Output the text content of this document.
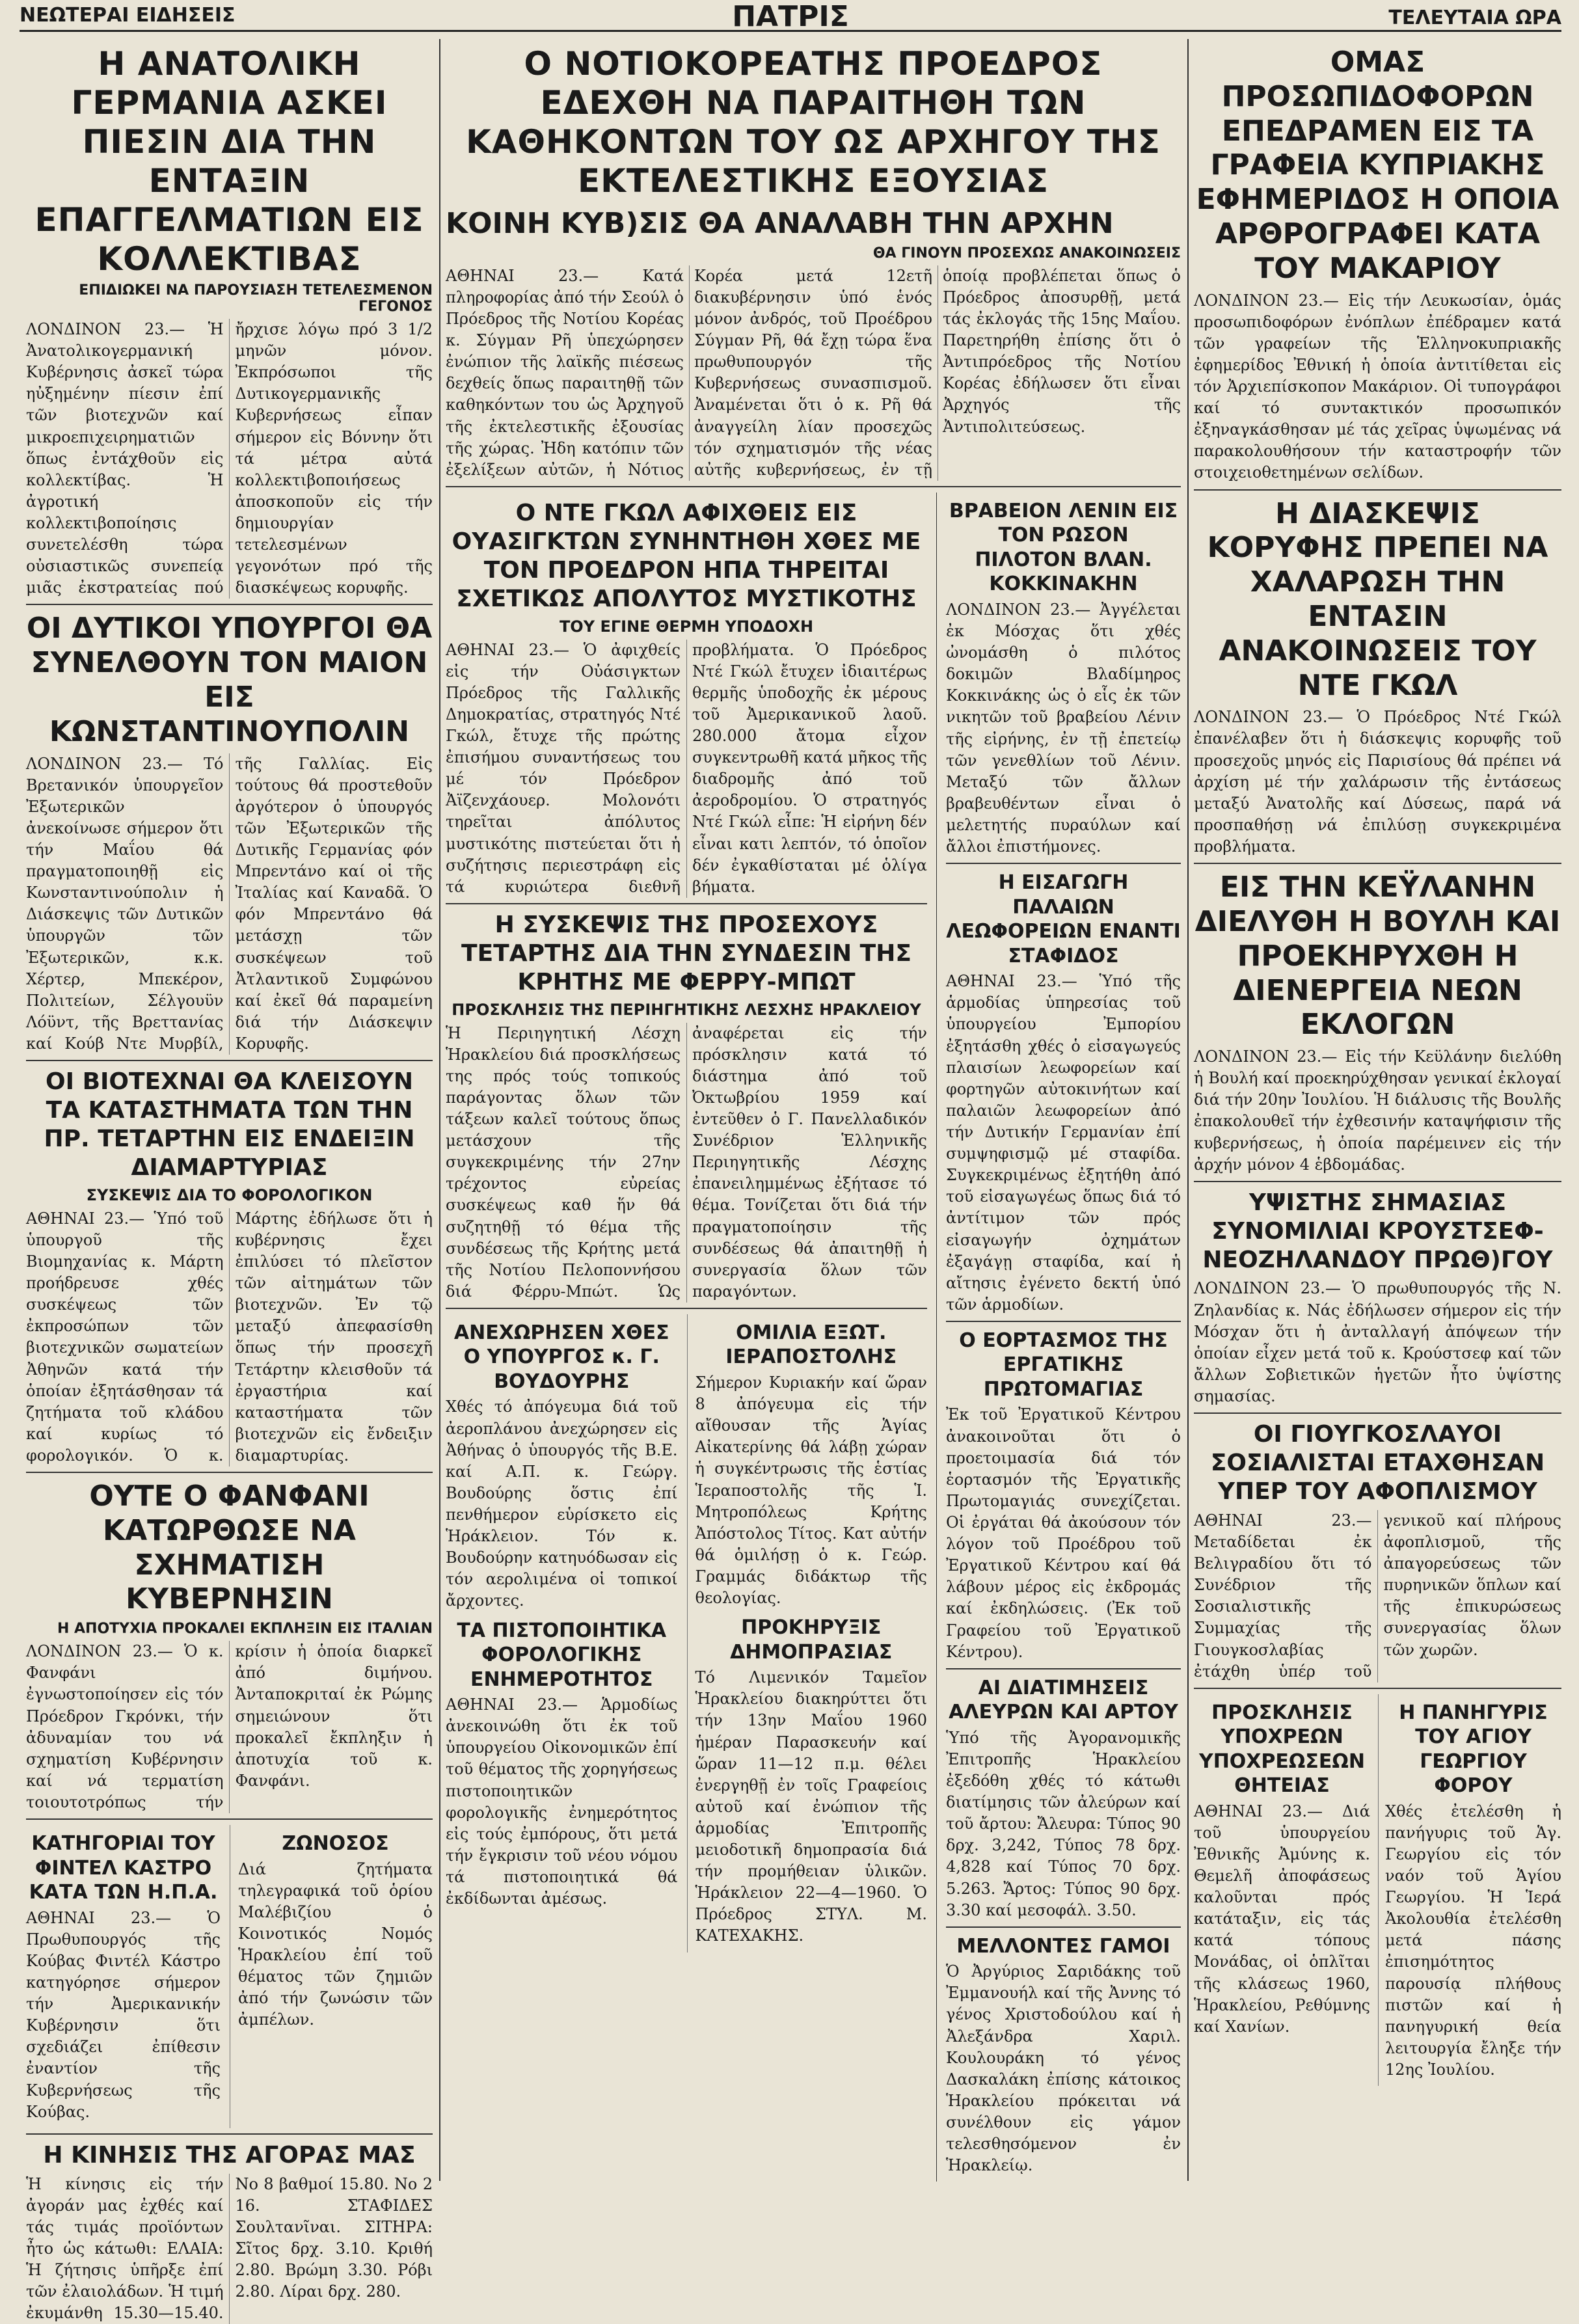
ΝΕΩΤΕΡΑΙ ΕΙΔΗΣΕΙΣ	ΠΑΤΡΙΣ	ΤΕΛΕΥΤΑΙΑ ΩΡΑ
Η ΑΝΑΤΟΛΙΚΗ ΓΕΡΜΑΝΙΑ ΑΣΚΕΙ ΠΙΕΣΙΝ ΔΙΑ ΤΗΝ ΕΝΤΑΞΙΝ ΕΠΑΓΓΕΛΜΑΤΙΩΝ ΕΙΣ ΚΟΛΛΕΚΤΙΒΑΣ
ΕΠΙΔΙΩΚΕΙ ΝΑ ΠΑΡΟΥΣΙΑΣΗ ΤΕΤΕΛΕΣΜΕΝΟΝ ΓΕΓΟΝΟΣ

ΛΟΝΔΙΝΟΝ 23.— Ἡ Ἀνατολικογερμανική Κυβέρνησις ἀσκεῖ τώρα ηὐξημένην πίεσιν ἐπί τῶν βιοτεχνῶν καί μικροεπιχειρηματιῶν ὅπως ἐντάχθοῦν εἰς κολλεκτίβας. Ἡ ἀγροτική κολλεκτιβοποίησις συνετελέσθη τώρα οὐσιαστικῶς συνεπείᾳ μιᾶς ἐκστρατείας πού ἤρχισε λόγω πρό 3 1/2 μηνῶν μόνον. Ἐκπρόσωποι τῆς Δυτικογερμανικῆς Κυβερνήσεως εἶπαν σήμερον εἰς Βόννην ὅτι τά μέτρα αὐτά κολλεκτιβοποιήσεως ἀποσκοποῦν εἰς τήν δημιουργίαν τετελεσμένων γεγονότων πρό τῆς διασκέψεως κορυφῆς.

ΟΙ ΔΥΤΙΚΟΙ ΥΠΟΥΡΓΟΙ ΘΑ ΣΥΝΕΛΘΟΥΝ ΤΟΝ ΜΑΙΟΝ ΕΙΣ ΚΩΝΣΤΑΝΤΙΝΟΥΠΟΛΙΝ

ΛΟΝΔΙΝΟΝ 23.— Τό Βρετανικόν ὑπουργεῖον Ἐξωτερικῶν ἀνεκοίνωσε σήμερον ὅτι τήν Μαΐου θά πραγματοποιηθῇ εἰς Κωνσταντινούπολιν ἡ Διάσκεψις τῶν Δυτικῶν ὑπουργῶν τῶν Ἐξωτερικῶν, κ.κ. Χέρτερ, Μπεκέρον, Πολιτείων, Σέλγουϋν Λόϋντ, τῆς Βρεττανίας καί Κούβ Ντε Μυρβίλ, τῆς Γαλλίας. Εἰς τούτους θά προστεθοῦν ἀργότερον ὁ ὑπουργός τῶν Ἐξωτερικῶν τῆς Δυτικῆς Γερμανίας φόν Μπρεντάνο καί οἱ τῆς Ἰταλίας καί Καναδᾶ. Ὁ φόν Μπρεντάνο θά μετάσχῃ τῶν συσκέψεων τοῦ Ἀτλαντικοῦ Συμφώνου καί ἐκεῖ θά παραμείνη διά τήν Διάσκεψιν Κορυφῆς.

ΟΙ ΒΙΟΤΕΧΝΑΙ ΘΑ ΚΛΕΙΣΟΥΝ ΤΑ ΚΑΤΑΣΤΗΜΑΤΑ ΤΩΝ ΤΗΝ ΠΡ. ΤΕΤΑΡΤΗΝ ΕΙΣ ΕΝΔΕΙΞΙΝ ΔΙΑΜΑΡΤΥΡΙΑΣ
ΣΥΣΚΕΨΙΣ ΔΙΑ ΤΟ ΦΟΡΟΛΟΓΙΚΟΝ

ΑΘΗΝΑΙ 23.— Ὑπό τοῦ ὑπουργοῦ τῆς Βιομηχανίας κ. Μάρτη προήδρευσε χθές συσκέψεως τῶν ἐκπροσώπων τῶν βιοτεχνικῶν σωματείων Ἀθηνῶν κατά τήν ὁποίαν ἐξητάσθησαν τά ζητήματα τοῦ κλάδου καί κυρίως τό φορολογικόν. Ὁ κ. Μάρτης ἐδήλωσε ὅτι ἡ κυβέρνησις ἔχει ἐπιλύσει τό πλεῖστον τῶν αἰτημάτων τῶν βιοτεχνῶν. Ἐν τῷ μεταξύ ἀπεφασίσθη ὅπως τήν προσεχῆ Τετάρτην κλεισθοῦν τά ἐργαστήρια καί καταστήματα τῶν βιοτεχνῶν εἰς ἔνδειξιν διαμαρτυρίας.

ΟΥΤΕ Ο ΦΑΝΦΑΝΙ ΚΑΤΩΡΘΩΣΕ ΝΑ ΣΧΗΜΑΤΙΣΗ ΚΥΒΕΡΝΗΣΙΝ
Η ΑΠΟΤΥΧΙΑ ΠΡΟΚΑΛΕΙ ΕΚΠΛΗΞΙΝ ΕΙΣ ΙΤΑΛΙΑΝ

ΛΟΝΔΙΝΟΝ 23.— Ὁ κ. Φανφάνι ἐγνωστοποίησεν εἰς τόν Πρόεδρον Γκρόνκι, τήν ἀδυναμίαν του νά σχηματίση Κυβέρνησιν καί νά τερματίση τοιουτοτρόπως τήν κρίσιν ἡ ὁποία διαρκεῖ ἀπό διμήνου. Ἀνταποκριταί ἐκ Ρώμης σημειώνουν ὅτι προκαλεῖ ἔκπληξιν ἡ ἀποτυχία τοῦ κ. Φανφάνι.

ΚΑΤΗΓΟΡΙΑΙ ΤΟΥ ΦΙΝΤΕΛ ΚΑΣΤΡΟ ΚΑΤΑ ΤΩΝ Η.Π.Α.

ΑΘΗΝΑΙ 23.— Ὁ Πρωθυπουργός τῆς Κούβας Φιντέλ Κάστρο κατηγόρησε σήμερον τήν Ἀμερικανικήν Κυβέρνησιν ὅτι σχεδιάζει ἐπίθεσιν ἐναντίον τῆς Κυβερνήσεως τῆς Κούβας.

ΖΩΝΟΣΟΣ

Διά ζητήματα τηλεγραφικά τοῦ ὁρίου Μαλέβιζίου ὁ Κοινοτικός Νομός Ἡρακλείου ἐπί τοῦ θέματος τῶν ζημιῶν ἀπό τήν ζωνώσιν τῶν ἀμπέλων.

Η ΚΙΝΗΣΙΣ ΤΗΣ ΑΓΟΡΑΣ ΜΑΣ

Ἡ κίνησις εἰς τήν ἀγοράν μας ἐχθές καί τάς τιμάς προϊόντων ἦτο ὡς κάτωθι: ΕΛΑΙΑ: Ἡ ζήτησις ὑπῆρξε ἐπί τῶν ἐλαιολάδων. Ἡ τιμή ἐκυμάνθη 15.30—15.40. Νο 8 βαθμοί 15.80. Νο 2 16. ΣΤΑΦΙΔΕΣ Σουλτανῖναι. ΣΙΤΗΡΑ: Σῖτος δρχ. 3.10. Κριθή 2.80. Βρώμη 3.30. Ρόβι 2.80. Λίραι δρχ. 280.

Ο ΝΟΤΙΟΚΟΡΕΑΤΗΣ ΠΡΟΕΔΡΟΣ ΕΔΕΧΘΗ ΝΑ ΠΑΡΑΙΤΗΘΗ ΤΩΝ ΚΑΘΗΚΟΝΤΩΝ ΤΟΥ ΩΣ ΑΡΧΗΓΟΥ ΤΗΣ ΕΚΤΕΛΕΣΤΙΚΗΣ ΕΞΟΥΣΙΑΣ
ΚΟΙΝΗ ΚΥΒ)ΣΙΣ ΘΑ ΑΝΑΛΑΒΗ ΤΗΝ ΑΡΧΗΝ
ΘΑ ΓΙΝΟΥΝ ΠΡΟΣΕΧΩΣ ΑΝΑΚΟΙΝΩΣΕΙΣ

ΑΘΗΝΑΙ 23.— Κατά πληροφορίας ἀπό τήν Σεούλ ὁ Πρόεδρος τῆς Νοτίου Κορέας κ. Σύγμαν Ρῆ ὑπεχώρησεν ἐνώπιον τῆς λαϊκῆς πιέσεως δεχθείς ὅπως παραιτηθῇ τῶν καθηκόντων του ὡς Ἀρχηγοῦ τῆς ἐκτελεστικῆς ἐξουσίας τῆς χώρας. Ἠδη κατόπιν τῶν ἐξελίξεων αὐτῶν, ἡ Νότιος Κορέα μετά 12ετῆ διακυβέρνησιν ὑπό ἑνός μόνον ἀνδρός, τοῦ Προέδρου Σύγμαν Ρῆ, θά ἔχῃ τώρα ἕνα πρωθυπουργόν τῆς Κυβερνήσεως συνασπισμοῦ. Ἀναμένεται ὅτι ὁ κ. Ρῆ θά ἀναγγείλη λίαν προσεχῶς τόν σχηματισμόν τῆς νέας αὐτῆς κυβερνήσεως, ἐν τῇ ὁποίᾳ προβλέπεται ὅπως ὁ Πρόεδρος ἀποσυρθῇ, μετά τάς ἐκλογάς τῆς 15ης Μαΐου. Παρετηρήθη ἐπίσης ὅτι ὁ Ἀντιπρόεδρος τῆς Νοτίου Κορέας ἐδήλωσεν ὅτι εἶναι Ἀρχηγός τῆς Ἀντιπολιτεύσεως.

Ο ΝΤΕ ΓΚΩΛ ΑΦΙΧΘΕΙΣ ΕΙΣ ΟΥΑΣΙΓΚΤΩΝ ΣΥΝΗΝΤΗΘΗ ΧΘΕΣ ΜΕ ΤΟΝ ΠΡΟΕΔΡΟΝ ΗΠΑ ΤΗΡΕΙΤΑΙ ΣΧΕΤΙΚΩΣ ΑΠΟΛΥΤΟΣ ΜΥΣΤΙΚΟΤΗΣ
ΤΟΥ ΕΓΙΝΕ ΘΕΡΜΗ ΥΠΟΔΟΧΗ

ΑΘΗΝΑΙ 23.— Ὁ ἀφιχθείς εἰς τήν Οὐάσιγκτων Πρόεδρος τῆς Γαλλικῆς Δημοκρατίας, στρατηγός Ντέ Γκώλ, ἔτυχε τῆς πρώτης ἐπισήμου συναντήσεως του μέ τόν Πρόεδρον Ἀϊζενχάουερ. Μολονότι τηρεῖται ἀπόλυτος μυστικότης πιστεύεται ὅτι ἡ συζήτησις περιεστράφη εἰς τά κυριώτερα διεθνῆ προβλήματα. Ὁ Πρόεδρος Ντέ Γκώλ ἔτυχεν ἰδιαιτέρως θερμῆς ὑποδοχῆς ἐκ μέρους τοῦ Ἀμερικανικοῦ λαοῦ. 280.000 ἄτομα εἶχον συγκεντρωθῆ κατά μῆκος τῆς διαδρομῆς ἀπό τοῦ ἀεροδρομίου. Ὁ στρατηγός Ντέ Γκώλ εἶπε: Ἡ εἰρήνη δέν εἶναι κατι λεπτόν, τό ὁποῖον δέν ἐγκαθίσταται μέ ὁλίγα βήματα.

Η ΣΥΣΚΕΨΙΣ ΤΗΣ ΠΡΟΣΕΧΟΥΣ ΤΕΤΑΡΤΗΣ ΔΙΑ ΤΗΝ ΣΥΝΔΕΣΙΝ ΤΗΣ ΚΡΗΤΗΣ ΜΕ ΦΕΡΡΥ-ΜΠΩΤ
ΠΡΟΣΚΛΗΣΙΣ ΤΗΣ ΠΕΡΙΗΓΗΤΙΚΗΣ ΛΕΣΧΗΣ ΗΡΑΚΛΕΙΟΥ

Ἡ Περιηγητική Λέσχη Ἡρακλείου διά προσκλήσεως της πρός τούς τοπικούς παράγοντας ὅλων τῶν τάξεων καλεῖ τούτους ὅπως μετάσχουν τῆς συγκεκριμένης τήν 27ην τρέχοντος εὐρείας συσκέψεως καθ ἥν θά συζητηθῇ τό θέμα τῆς συνδέσεως τῆς Κρήτης μετά τῆς Νοτίου Πελοποννήσου διά Φέρρυ-Μπώτ. Ὡς ἀναφέρεται εἰς τήν πρόσκλησιν κατά τό διάστημα ἀπό τοῦ Ὀκτωβρίου 1959 καί ἐντεῦθεν ὁ Γ. Πανελλαδικόν Συνέδριον Ἑλληνικῆς Περιηγητικῆς Λέσχης ἐπανειλημμένως ἐξήτασε τό θέμα. Τονίζεται ὅτι διά τήν πραγματοποίησιν τῆς συνδέσεως θά ἀπαιτηθῇ ἡ συνεργασία ὅλων τῶν παραγόντων.

ΑΝΕΧΩΡΗΣΕΝ ΧΘΕΣ Ο ΥΠΟΥΡΓΟΣ κ. Γ. ΒΟΥΔΟΥΡΗΣ

Χθές τό ἀπόγευμα διά τοῦ ἀεροπλάνου ἀνεχώρησεν εἰς Ἀθήνας ὁ ὑπουργός τῆς Β.Ε. καί Α.Π. κ. Γεώργ. Βουδούρης ὅστις ἐπί πενθήμερον εὑρίσκετο εἰς Ἡράκλειον. Τόν κ. Βουδούρην κατηυόδωσαν εἰς τόν αερολιμένα οἱ τοπικοί ἄρχοντες.

ΤΑ ΠΙΣΤΟΠΟΙΗΤΙΚΑ ΦΟΡΟΛΟΓΙΚΗΣ ΕΝΗΜΕΡΟΤΗΤΟΣ

ΑΘΗΝΑΙ 23.— Ἁρμοδίως ἀνεκοινώθη ὅτι ἐκ τοῦ ὑπουργείου Οἰκονομικῶν ἐπί τοῦ θέματος τῆς χορηγήσεως πιστοποιητικῶν φορολογικῆς ἐνημερότητος εἰς τούς ἐμπόρους, ὅτι μετά τήν ἔγκρισιν τοῦ νέου νόμου τά πιστοποιητικά θά ἐκδίδωνται ἀμέσως.

ΟΜΙΛΙΑ ΕΞΩΤ. ΙΕΡΑΠΟΣΤΟΛΗΣ

Σήμερον Κυριακήν καί ὥραν 8 ἀπόγευμα εἰς τήν αἴθουσαν τῆς Ἁγίας Αἰκατερίνης θά λάβῃ χώραν ἡ συγκέντρωσις τῆς ἑστίας Ἱεραποστολῆς τῆς Ἱ. Μητροπόλεως Κρήτης Ἀπόστολος Τίτος. Κατ αὐτήν θά ὁμιλήσῃ ὁ κ. Γεώρ. Γραμμάς διδάκτωρ τῆς θεολογίας.

ΠΡΟΚΗΡΥΞΙΣ ΔΗΜΟΠΡΑΣΙΑΣ

Τό Λιμενικόν Ταμεῖον Ἡρακλείου διακηρύττει ὅτι τήν 13ην Μαΐου 1960 ἡμέραν Παρασκευήν καί ὥραν 11—12 π.μ. θέλει ἐνεργηθῇ ἐν τοῖς Γραφείοις αὐτοῦ καί ἐνώπιον τῆς ἁρμοδίας Ἐπιτροπῆς μειοδοτικῆ δημοπρασία διά τήν προμήθειαν ὑλικῶν. Ἡράκλειον 22—4—1960. Ὁ Πρόεδρος ΣΤΥΛ. Μ. ΚΑΤΕΧΑΚΗΣ.

ΒΡΑΒΕΙΟΝ ΛΕΝΙΝ ΕΙΣ ΤΟΝ ΡΩΣΟΝ ΠΙΛΟΤΟΝ ΒΛΑΝ. ΚΟΚΚΙΝΑΚΗΝ

ΛΟΝΔΙΝΟΝ 23.— Ἀγγέλεται ἐκ Μόσχας ὅτι χθές ὠνομάσθη ὁ πιλότος δοκιμῶν Βλαδίμηρος Κοκκινάκης ὡς ὁ εἷς ἐκ τῶν νικητῶν τοῦ βραβείου Λένιν τῆς εἰρήνης, ἐν τῇ ἐπετείῳ τῶν γενεθλίων τοῦ Λένιν. Μεταξύ τῶν ἄλλων βραβευθέντων εἶναι ὁ μελετητής πυραύλων καί ἄλλοι ἐπιστήμονες.

Η ΕΙΣΑΓΩΓΗ ΠΑΛΑΙΩΝ ΛΕΩΦΟΡΕΙΩΝ ΕΝΑΝΤΙ ΣΤΑΦΙΔΟΣ

ΑΘΗΝΑΙ 23.— Ὑπό τῆς ἁρμοδίας ὑπηρεσίας τοῦ ὑπουργείου Ἐμπορίου ἐξητάσθη χθές ὁ εἰσαγωγεύς πλαισίων λεωφορείων καί φορτηγῶν αὐτοκινήτων καί παλαιῶν λεωφορείων ἀπό τήν Δυτικήν Γερμανίαν ἐπί συμψηφισμῷ μέ σταφίδα. Συγκεκριμένως ἐξητήθη ἀπό τοῦ εἰσαγωγέως ὅπως διά τό ἀντίτιμον τῶν πρός εἰσαγωγήν ὀχημάτων ἐξαγάγῃ σταφίδα, καί ἡ αἴτησις ἐγένετο δεκτή ὑπό τῶν ἁρμοδίων.

Ο ΕΟΡΤΑΣΜΟΣ ΤΗΣ ΕΡΓΑΤΙΚΗΣ ΠΡΩΤΟΜΑΓΙΑΣ

Ἐκ τοῦ Ἐργατικοῦ Κέντρου ἀνακοινοῦται ὅτι ὁ προετοιμασία διά τόν ἑορτασμόν τῆς Ἐργατικῆς Πρωτομαγιάς συνεχίζεται. Οἱ ἐργάται θά ἀκούσουν τόν λόγον τοῦ Προέδρου τοῦ Ἐργατικοῦ Κέντρου καί θά λάβουν μέρος εἰς ἐκδρομάς καί ἐκδηλώσεις. (Ἐκ τοῦ Γραφείου τοῦ Ἐργατικοῦ Κέντρου).

ΑΙ ΔΙΑΤΙΜΗΣΕΙΣ ΑΛΕΥΡΩΝ ΚΑΙ ΑΡΤΟΥ

Ὑπό τῆς Ἀγορανομικῆς Ἐπιτροπῆς Ἡρακλείου ἐξεδόθη χθές τό κάτωθι διατίμησις τῶν ἀλεύρων καί τοῦ ἄρτου: Ἄλευρα: Τύπος 90 δρχ. 3,242, Τύπος 78 δρχ. 4,828 καί Τύπος 70 δρχ. 5.263. Ἄρτος: Τύπος 90 δρχ. 3.30 καί μεσοφάλ. 3.50.

ΜΕΛΛΟΝΤΕΣ ΓΑΜΟΙ

Ὁ Ἀργύριος Σαριδάκης τοῦ Ἐμμανουήλ καί τῆς Ἀννης τό γένος Χριστοδούλου καί ἡ Ἀλεξάνδρα Χαριλ. Κουλουράκη τό γένος Δασκαλάκη ἐπίσης κάτοικος Ἡρακλείου πρόκειται νά συνέλθουν εἰς γάμον τελεσθησόμενον ἐν Ἡρακλείῳ.

ΟΜΑΣ ΠΡΟΣΩΠΙΔΟΦΟΡΩΝ ΕΠΕΔΡΑΜΕΝ ΕΙΣ ΤΑ ΓΡΑΦΕΙΑ ΚΥΠΡΙΑΚΗΣ ΕΦΗΜΕΡΙΔΟΣ Η ΟΠΟΙΑ ΑΡΘΡΟΓΡΑΦΕΙ ΚΑΤΑ ΤΟΥ ΜΑΚΑΡΙΟΥ

ΛΟΝΔΙΝΟΝ 23.— Εἰς τήν Λευκωσίαν, ὁμάς προσωπιδοφόρων ἐνόπλων ἐπέδραμεν κατά τῶν γραφείων τῆς Ἑλληνοκυπριακῆς ἐφημερίδος Ἐθνική ἡ ὁποία ἀντιτίθεται εἰς τόν Ἀρχιεπίσκοπον Μακάριον. Οἱ τυπογράφοι καί τό συντακτικόν προσωπικόν ἐξηναγκάσθησαν μέ τάς χεῖρας ὑψωμένας νά παρακολουθήσουν τήν καταστροφήν τῶν στοιχειοθετημένων σελίδων.

Η ΔΙΑΣΚΕΨΙΣ ΚΟΡΥΦΗΣ ΠΡΕΠΕΙ ΝΑ ΧΑΛΑΡΩΣΗ ΤΗΝ ΕΝΤΑΣΙΝ ΑΝΑΚΟΙΝΩΣΕΙΣ ΤΟΥ ΝΤΕ ΓΚΩΛ

ΛΟΝΔΙΝΟΝ 23.— Ὁ Πρόεδρος Ντέ Γκώλ ἐπανέλαβεν ὅτι ἡ διάσκεψις κορυφῆς τοῦ προσεχοῦς μηνός εἰς Παρισίους θά πρέπει νά ἀρχίση μέ τήν χαλάρωσιν τῆς ἐντάσεως μεταξύ Ἀνατολῆς καί Δύσεως, παρά νά προσπαθήσῃ νά ἐπιλύσῃ συγκεκριμένα προβλήματα.

ΕΙΣ ΤΗΝ ΚΕΫΛΑΝΗΝ ΔΙΕΛΥΘΗ Η ΒΟΥΛΗ ΚΑΙ ΠΡΟΕΚΗΡΥΧΘΗ Η ΔΙΕΝΕΡΓΕΙΑ ΝΕΩΝ ΕΚΛΟΓΩΝ

ΛΟΝΔΙΝΟΝ 23.— Εἰς τήν Κεϋλάνην διελύθη ἡ Βουλή καί προεκηρύχθησαν γενικαί ἐκλογαί διά τήν 20ην Ἰουλίου. Ἡ διάλυσις τῆς Βουλῆς ἐπακολουθεῖ τήν ἐχθεσινήν καταψήφισιν τῆς κυβερνήσεως, ἡ ὁποία παρέμεινεν εἰς τήν ἀρχήν μόνον 4 ἑβδομάδας.

ΥΨΙΣΤΗΣ ΣΗΜΑΣΙΑΣ ΣΥΝΟΜΙΛΙΑΙ ΚΡΟΥΣΤΣΕΦ-ΝΕΟΖΗΛΑΝΔΟΥ ΠΡΩΘ)ΓΟΥ

ΛΟΝΔΙΝΟΝ 23.— Ὁ πρωθυπουργός τῆς Ν. Ζηλανδίας κ. Νάς ἐδήλωσεν σήμερον εἰς τήν Μόσχαν ὅτι ἡ ἀνταλλαγή ἀπόψεων τήν ὁποίαν εἶχεν μετά τοῦ κ. Κρούστσεφ καί τῶν ἄλλων Σοβιετικῶν ἡγετῶν ἦτο ὑψίστης σημασίας.

ΟΙ ΓΙΟΥΓΚΟΣΛΑΥΟΙ ΣΟΣΙΑΛΙΣΤΑΙ ΕΤΑΧΘΗΣΑΝ ΥΠΕΡ ΤΟΥ ΑΦΟΠΛΙΣΜΟΥ

ΑΘΗΝΑΙ 23.— Μεταδίδεται ἐκ Βελιγραδίου ὅτι τό Συνέδριον τῆς Σοσιαλιστικῆς Συμμαχίας τῆς Γιουγκοσλαβίας ἐτάχθη ὑπέρ τοῦ γενικοῦ καί πλήρους ἀφοπλισμοῦ, τῆς ἀπαγορεύσεως τῶν πυρηνικῶν ὅπλων καί τῆς ἐπικυρώσεως συνεργασίας ὅλων τῶν χωρῶν.

ΠΡΟΣΚΛΗΣΙΣ ΥΠΟΧΡΕΩΝ ΥΠΟΧΡΕΩΣΕΩΝ ΘΗΤΕΙΑΣ

ΑΘΗΝΑΙ 23.— Διά τοῦ ὑπουργείου Ἐθνικῆς Ἀμύνης κ. Θεμελῆ ἀποφάσεως καλοῦνται πρός κατάταξιν, εἰς τάς κατά τόπους Μονάδας, οἱ ὁπλῖται τῆς κλάσεως 1960, Ἡρακλείου, Ρεθύμνης καί Χανίων.

Η ΠΑΝΗΓΥΡΙΣ ΤΟΥ ΑΓΙΟΥ ΓΕΩΡΓΙΟΥ ΦΟΡΟΥ

Χθές ἐτελέσθη ἡ πανήγυρις τοῦ Ἁγ. Γεωργίου εἰς τόν ναόν τοῦ Ἁγίου Γεωργίου. Ἡ Ἱερά Ἀκολουθία ἐτελέσθη μετά πάσης ἐπισημότητος παρουσίᾳ πλήθους πιστῶν καί ἡ πανηγυρική θεία λειτουργία ἔληξε τήν 12ης Ἰουλίου.
